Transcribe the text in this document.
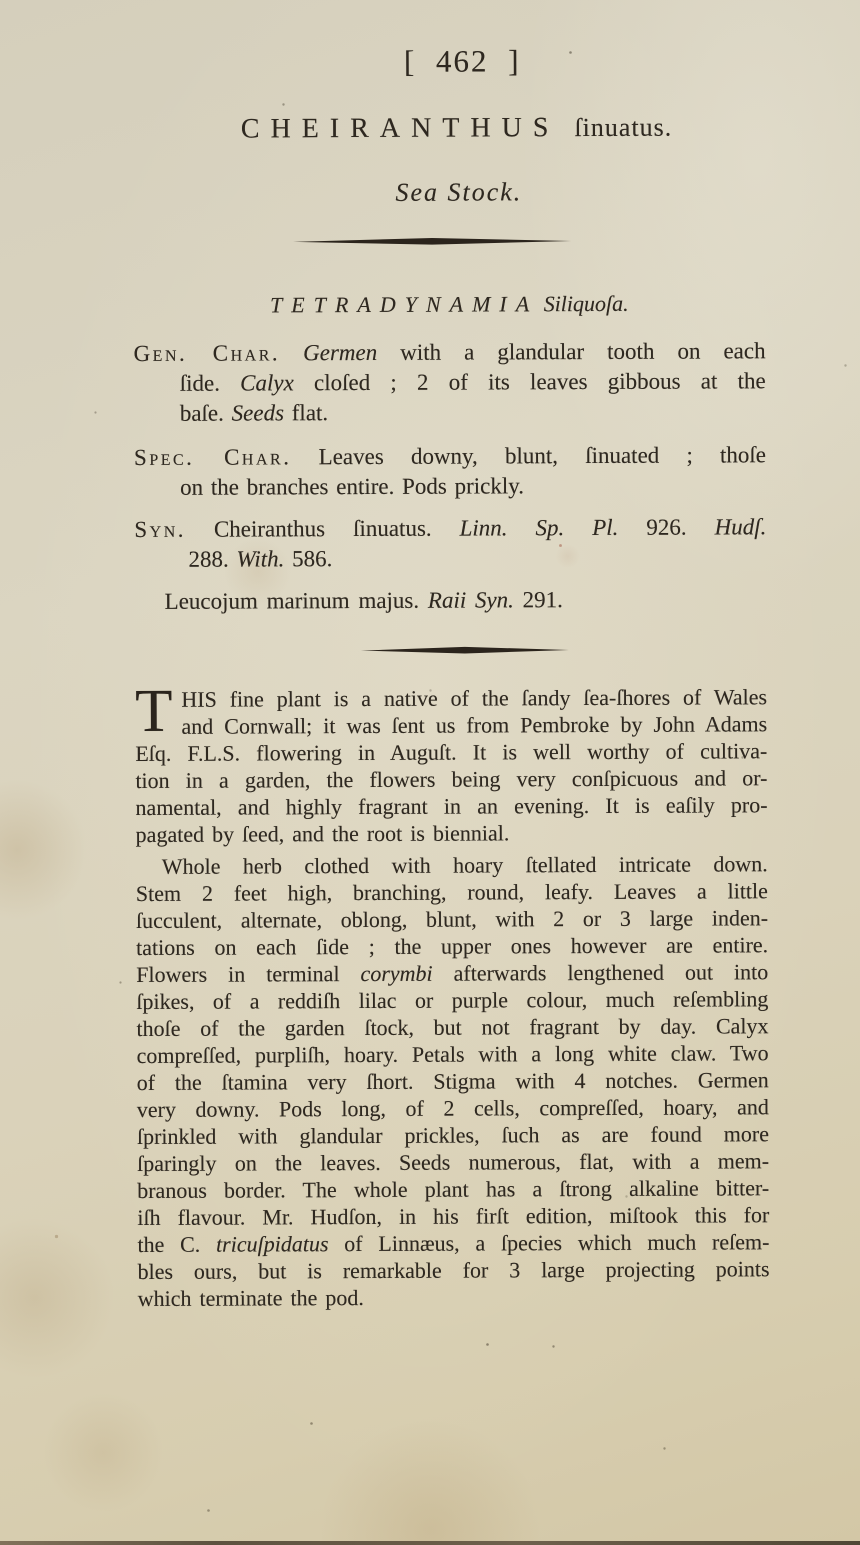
[ 462 ]
CHEIRANTHUS ſinuatus.
Sea Stock.
TETRADYNAMIA Siliquoſa.
Gen. Char. Germen with a glandular tooth on each
ſide. Calyx cloſed ; 2 of its leaves gibbous at the
baſe. Seeds flat.
Spec. Char. Leaves downy, blunt, ſinuated ; thoſe
on the branches entire. Pods prickly.
Syn. Cheiranthus ſinuatus. Linn. Sp. Pl. 926. Hudſ.
288. With. 586.
Leucojum marinum majus. Raii Syn. 291.
T HIS fine plant is a native of the ſandy ſea-ſhores of Wales
and Cornwall; it was ſent us from Pembroke by John Adams
Eſq. F.L.S. flowering in Auguſt. It is well worthy of cultiva-
tion in a garden, the flowers being very conſpicuous and or-
namental, and highly fragrant in an evening. It is eaſily pro-
pagated by ſeed, and the root is biennial.
Whole herb clothed with hoary ſtellated intricate down.
Stem 2 feet high, branching, round, leafy. Leaves a little
ſucculent, alternate, oblong, blunt, with 2 or 3 large inden-
tations on each ſide ; the upper ones however are entire.
Flowers in terminal corymbi afterwards lengthened out into
ſpikes, of a reddiſh lilac or purple colour, much reſembling
thoſe of the garden ſtock, but not fragrant by day. Calyx
compreſſed, purpliſh, hoary. Petals with a long white claw. Two
of the ſtamina very ſhort. Stigma with 4 notches. Germen
very downy. Pods long, of 2 cells, compreſſed, hoary, and
ſprinkled with glandular prickles, ſuch as are found more
ſparingly on the leaves. Seeds numerous, flat, with a mem-
branous border. The whole plant has a ſtrong alkaline bitter-
iſh flavour. Mr. Hudſon, in his firſt edition, miſtook this for
the C. tricuſpidatus of Linnæus, a ſpecies which much reſem-
bles ours, but is remarkable for 3 large projecting points
which terminate the pod.
